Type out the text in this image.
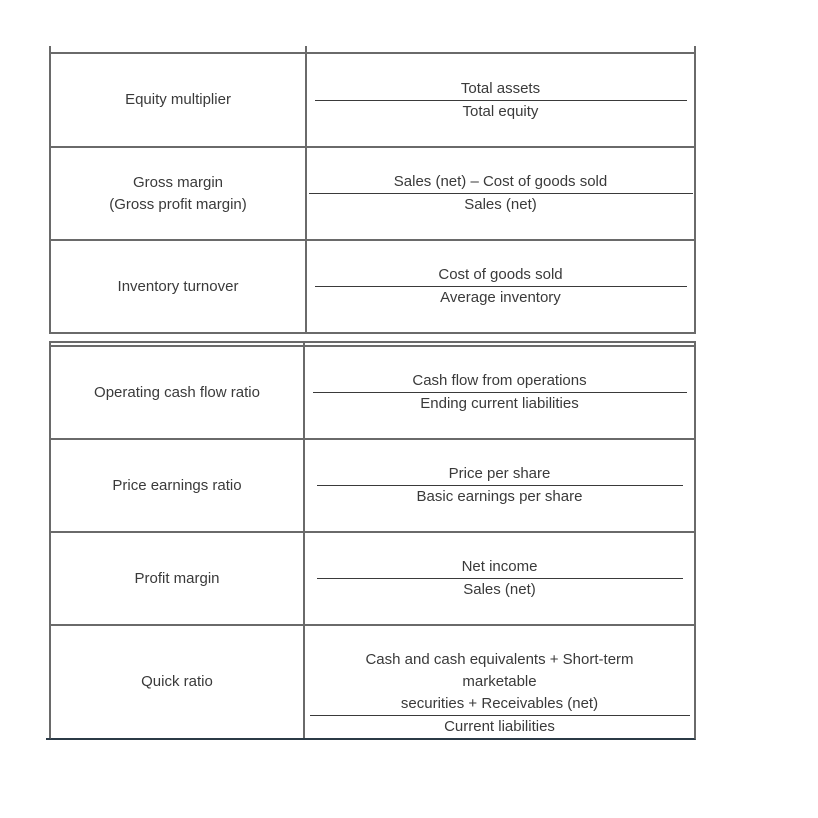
Equity multiplier
Total assets
Total equity
Gross margin
(Gross profit margin)
Sales (net) – Cost of goods sold
Sales (net)
Inventory turnover
Cost of goods sold
Average inventory
Operating cash flow ratio
Cash flow from operations
Ending current liabilities
Price earnings ratio
Price per share
Basic earnings per share
Profit margin
Net income
Sales (net)
Quick ratio
Cash and cash equivalents + Short-term
marketable
securities + Receivables (net)
Current liabilities
